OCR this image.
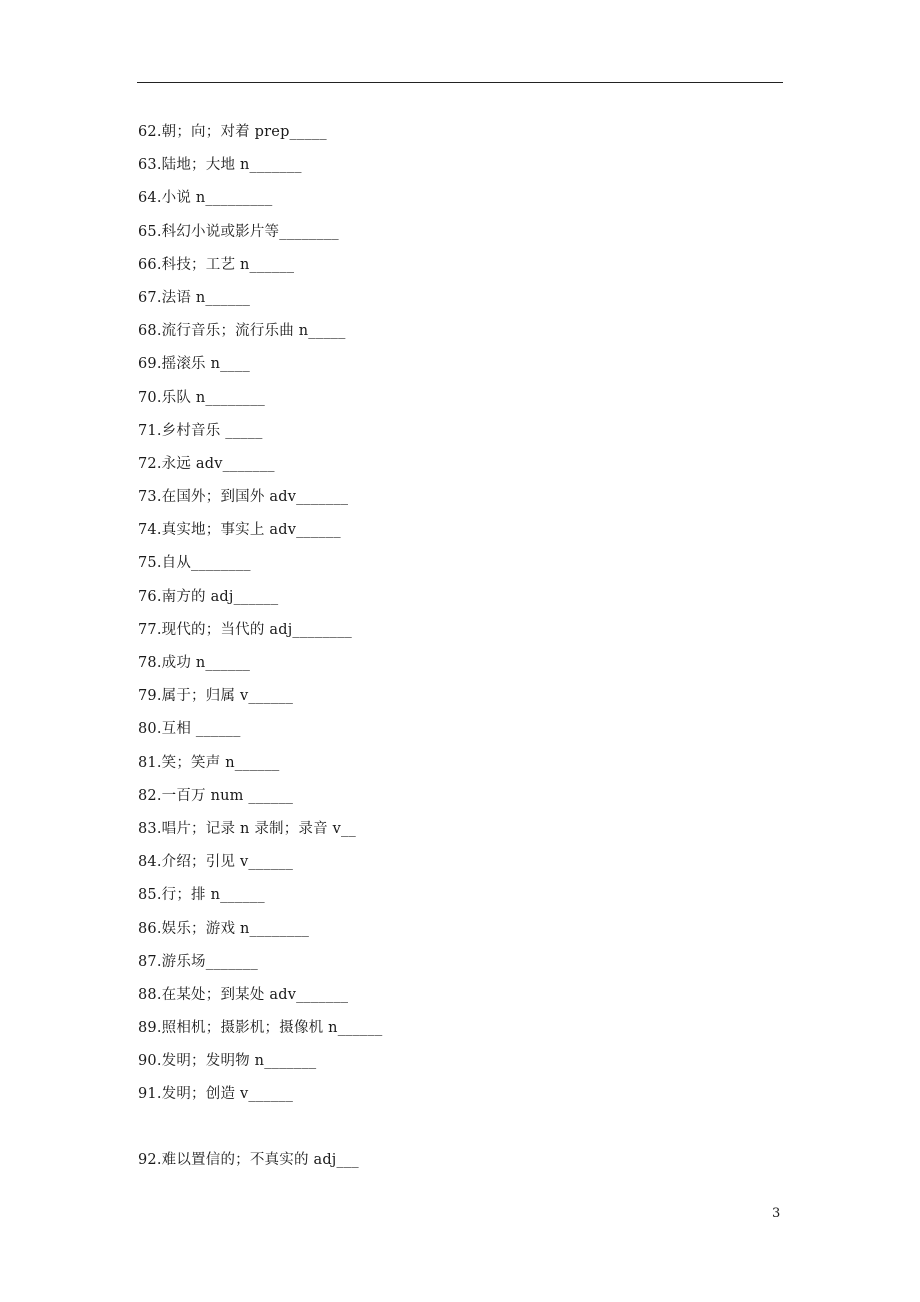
62.朝；向；对着 prep_____
63.陆地；大地 n_______
64.小说 n_________
65.科幻小说或影片等________
66.科技；工艺 n______
67.法语 n______
68.流行音乐；流行乐曲 n_____
69.摇滚乐 n____
70.乐队 n________
71.乡村音乐 _____
72.永远 adv_______
73.在国外；到国外 adv_______
74.真实地；事实上 adv______
75.自从________
76.南方的 adj______
77.现代的；当代的 adj________
78.成功 n______
79.属于；归属 v______
80.互相 ______
81.笑；笑声 n______
82.一百万 num ______
83.唱片；记录 n 录制；录音 v__
84.介绍；引见 v______
85.行；排 n______
86.娱乐；游戏 n________
87.游乐场_______
88.在某处；到某处 adv_______
89.照相机；摄影机；摄像机 n______
90.发明；发明物 n_______
91.发明；创造 v______
92.难以置信的；不真实的 adj___
3
